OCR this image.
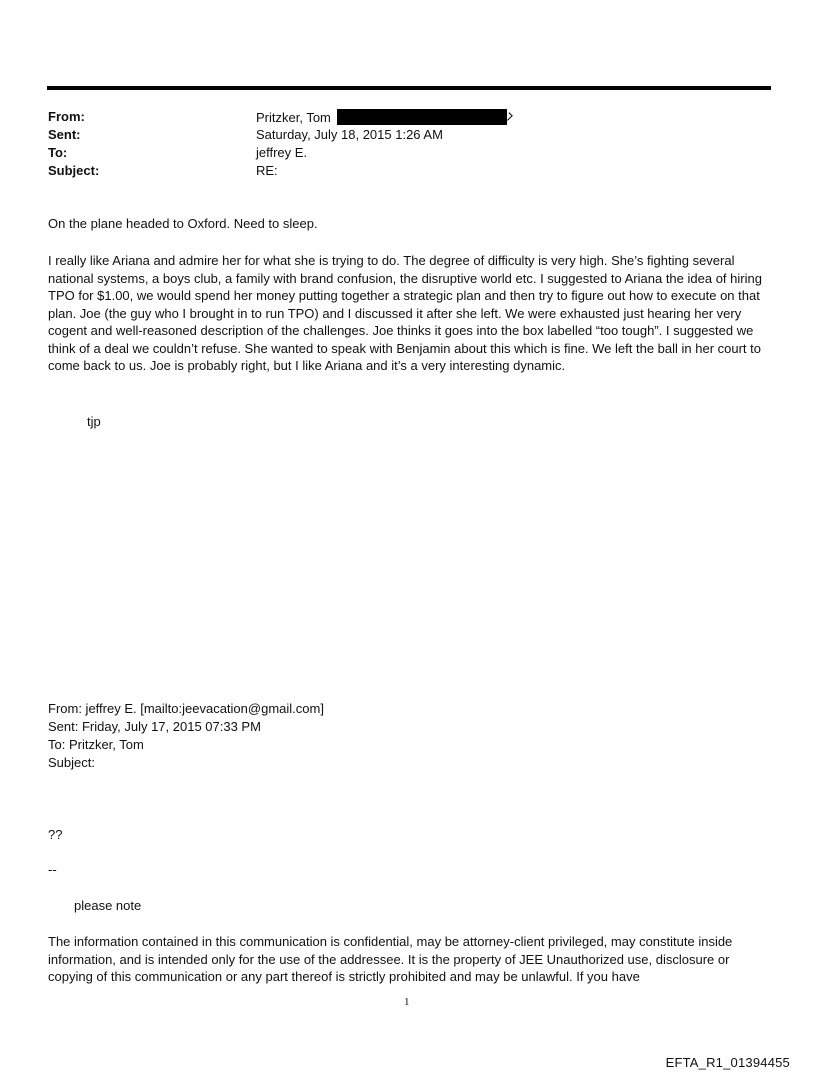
From:	Pritzker, Tom
Sent:	Saturday, July 18, 2015 1:26 AM
To:	jeffrey E.
Subject:	RE:
On the plane headed to Oxford. Need to sleep.
I really like Ariana and admire her for what she is trying to do. The degree of difficulty is very high. She’s fighting several national systems, a boys club, a family with brand confusion, the disruptive world etc. I suggested to Ariana the idea of hiring TPO for $1.00, we would spend her money putting together a strategic plan and then try to figure out how to execute on that plan. Joe (the guy who I brought in to run TPO) and I discussed it after she left. We were exhausted just hearing her very cogent and well-reasoned description of the challenges. Joe thinks it goes into the box labelled “too tough”. I suggested we think of a deal we couldn’t refuse. She wanted to speak with Benjamin about this which is fine. We left the ball in her court to come back to us. Joe is probably right, but I like Ariana and it’s a very interesting dynamic.
tjp
From: jeffrey E. [mailto:jeevacation@gmail.com]
Sent: Friday, July 17, 2015 07:33 PM
To: Pritzker, Tom
Subject:
??
--
please note
The information contained in this communication is confidential, may be attorney-client privileged, may constitute inside information, and is intended only for the use of the addressee. It is the property of JEE Unauthorized use, disclosure or copying of this communication or any part thereof is strictly prohibited and may be unlawful. If you have
1
EFTA_R1_01394455
